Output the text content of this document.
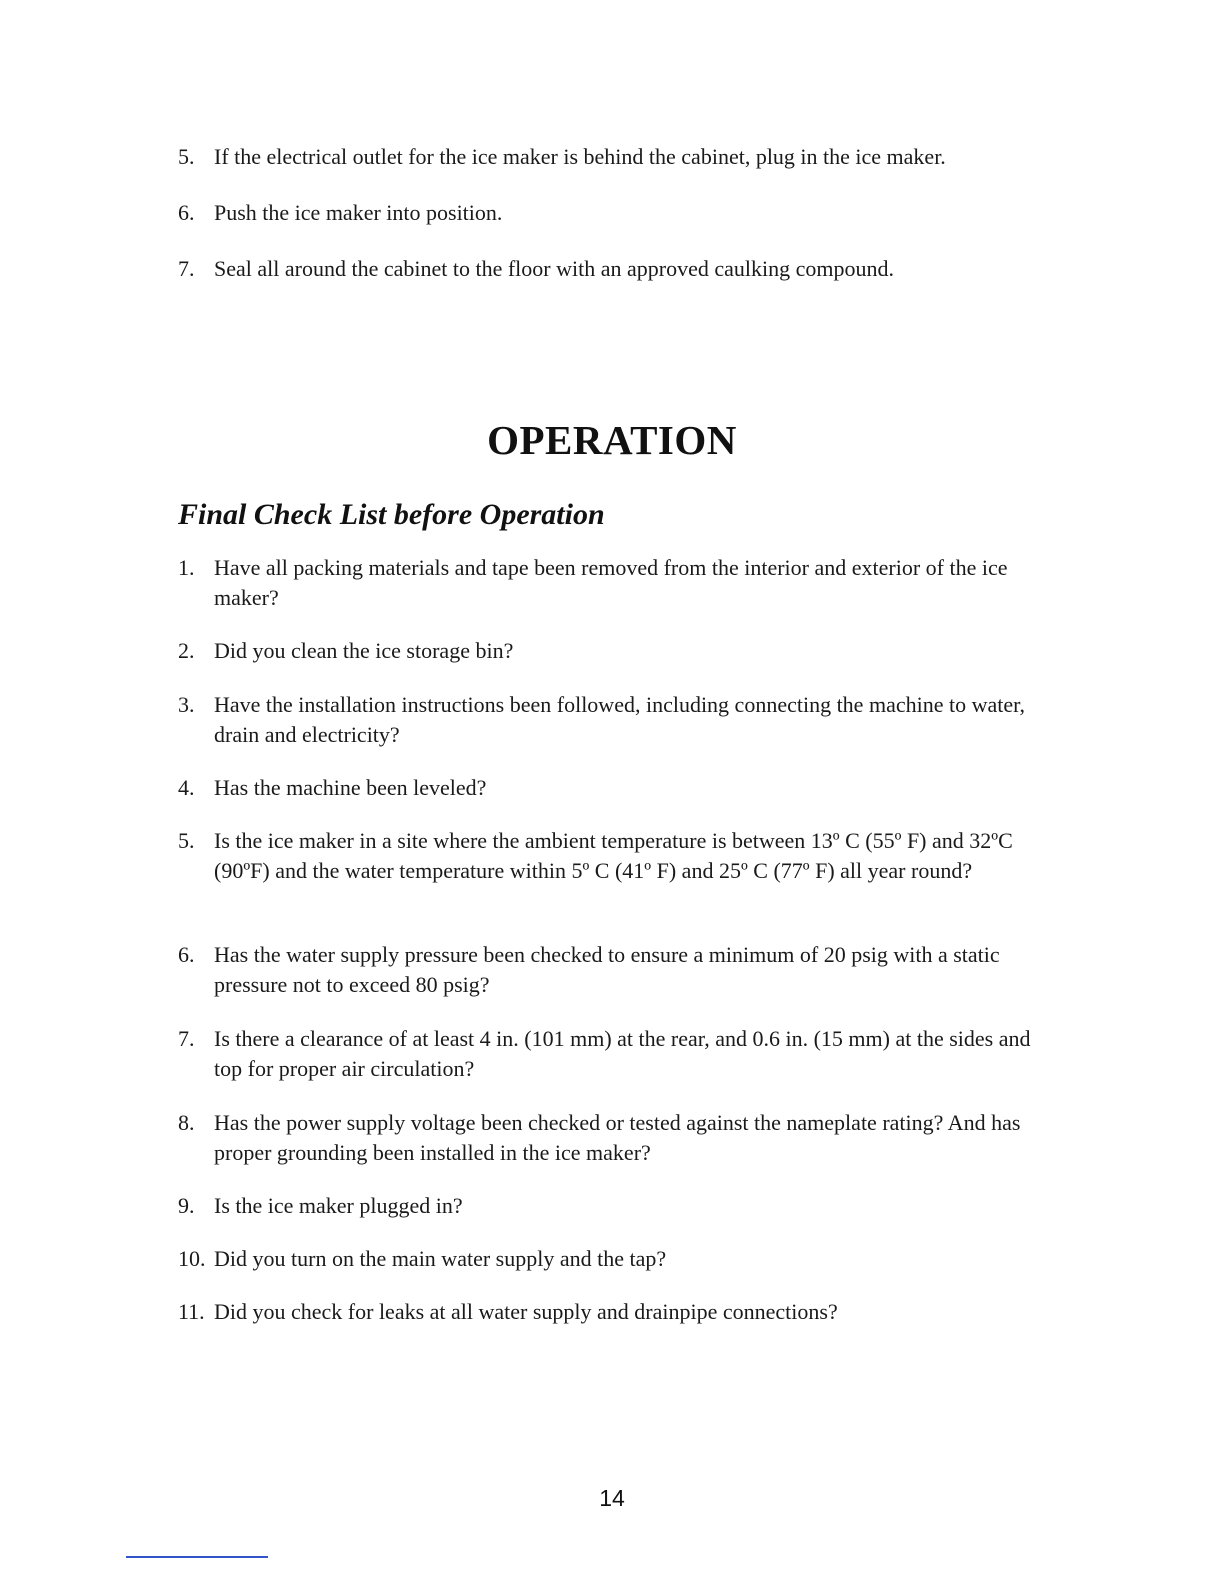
5. If the electrical outlet for the ice maker is behind the cabinet, plug in the ice maker.
6. Push the ice maker into position.
7. Seal all around the cabinet to the floor with an approved caulking compound.
OPERATION
Final Check List before Operation
1. Have all packing materials and tape been removed from the interior and exterior of the ice maker?
2. Did you clean the ice storage bin?
3. Have the installation instructions been followed, including connecting the machine to water, drain and electricity?
4. Has the machine been leveled?
5. Is the ice maker in a site where the ambient temperature is between 13º C (55º F) and 32ºC (90ºF) and the water temperature within 5º C (41º F) and 25º C (77º F) all year round?
6. Has the water supply pressure been checked to ensure a minimum of 20 psig with a static pressure not to exceed 80 psig?
7. Is there a clearance of at least 4 in. (101 mm) at the rear, and 0.6 in. (15 mm) at the sides and top for proper air circulation?
8. Has the power supply voltage been checked or tested against the nameplate rating? And has proper grounding been installed in the ice maker?
9. Is the ice maker plugged in?
10. Did you turn on the main water supply and the tap?
11. Did you check for leaks at all water supply and drainpipe connections?
14
